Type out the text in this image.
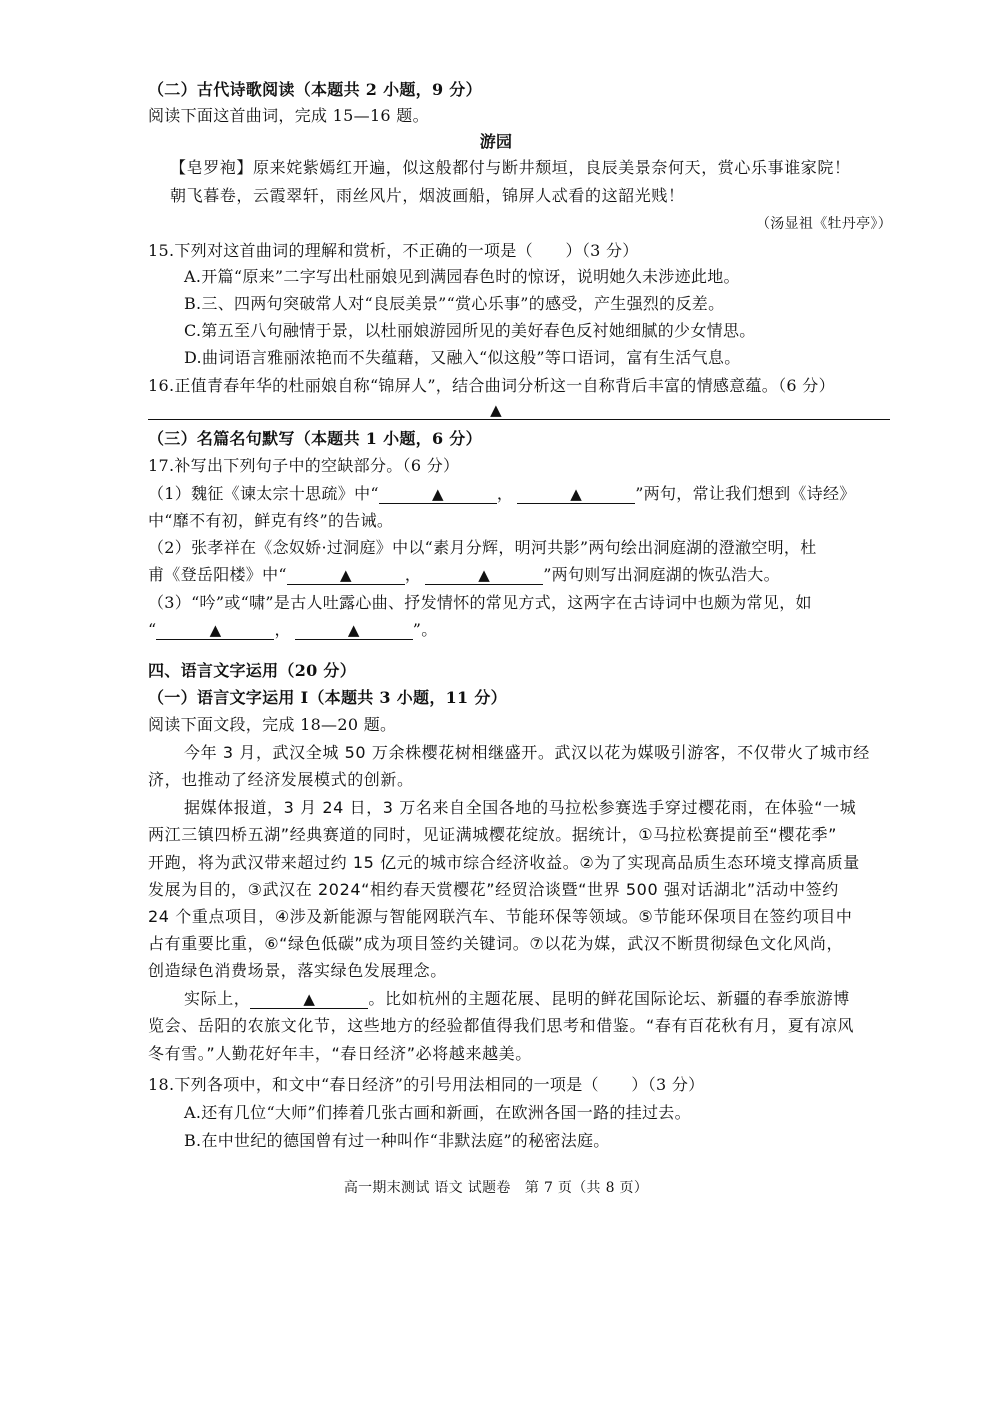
（二）古代诗歌阅读（本题共 2 小题，9 分）
阅读下面这首曲词，完成 15—16 题。
游园
【皂罗袍】原来姹紫嫣红开遍，似这般都付与断井颓垣，良辰美景奈何天，赏心乐事谁家院！
朝飞暮卷，云霞翠轩，雨丝风片，烟波画船，锦屏人忒看的这韶光贱！
（汤显祖《牡丹亭》）
15.下列对这首曲词的理解和赏析，不正确的一项是（　　）（3 分）
A.开篇“原来”二字写出杜丽娘见到满园春色时的惊讶，说明她久未涉迹此地。
B.三、四两句突破常人对“良辰美景”“赏心乐事”的感受，产生强烈的反差。
C.第五至八句融情于景，以杜丽娘游园所见的美好春色反衬她细腻的少女情思。
D.曲词语言雅丽浓艳而不失蕴藉，又融入“似这般”等口语词，富有生活气息。
16.正值青春年华的杜丽娘自称“锦屏人”，结合曲词分析这一自称背后丰富的情感意蕴。（6 分）
▲
（三）名篇名句默写（本题共 1 小题，6 分）
17.补写出下列句子中的空缺部分。（6 分）
（1）魏征《谏太宗十思疏》中“	▲	，	▲	”两句，常让我们想到《诗经》
中“靡不有初，鲜克有终”的告诫。
（2）张孝祥在《念奴娇·过洞庭》中以“素月分辉，明河共影”两句绘出洞庭湖的澄澈空明，杜
甫《登岳阳楼》中“	▲	，	▲	”两句则写出洞庭湖的恢弘浩大。
（3）“吟”或“啸”是古人吐露心曲、抒发情怀的常见方式，这两字在古诗词中也颇为常见，如
“	▲	，	▲	”。
四、语言文字运用（20 分）
（一）语言文字运用 Ⅰ（本题共 3 小题，11 分）
阅读下面文段，完成 18—20 题。
今年 3 月，武汉全城 50 万余株樱花树相继盛开。武汉以花为媒吸引游客，不仅带火了城市经
济，也推动了经济发展模式的创新。
据媒体报道，3 月 24 日，3 万名来自全国各地的马拉松参赛选手穿过樱花雨，在体验“一城
两江三镇四桥五湖”经典赛道的同时，见证满城樱花绽放。据统计，①马拉松赛提前至“樱花季”
开跑，将为武汉带来超过约 15 亿元的城市综合经济收益。②为了实现高品质生态环境支撑高质量
发展为目的，③武汉在 2024“相约春天赏樱花”经贸洽谈暨“世界 500 强对话湖北”活动中签约
24 个重点项目，④涉及新能源与智能网联汽车、节能环保等领域。⑤节能环保项目在签约项目中
占有重要比重，⑥“绿色低碳”成为项目签约关键词。⑦以花为媒，武汉不断贯彻绿色文化风尚，
创造绿色消费场景，落实绿色发展理念。
实际上，	▲	。比如杭州的主题花展、昆明的鲜花国际论坛、新疆的春季旅游博
览会、岳阳的农旅文化节，这些地方的经验都值得我们思考和借鉴。“春有百花秋有月，夏有凉风
冬有雪。”人勤花好年丰，“春日经济”必将越来越美。
18.下列各项中，和文中“春日经济”的引号用法相同的一项是（　　）（3 分）
A.还有几位“大师”们捧着几张古画和新画，在欧洲各国一路的挂过去。
B.在中世纪的德国曾有过一种叫作“非默法庭”的秘密法庭。
高一期末测试 语文 试题卷　第 7 页（共 8 页）
